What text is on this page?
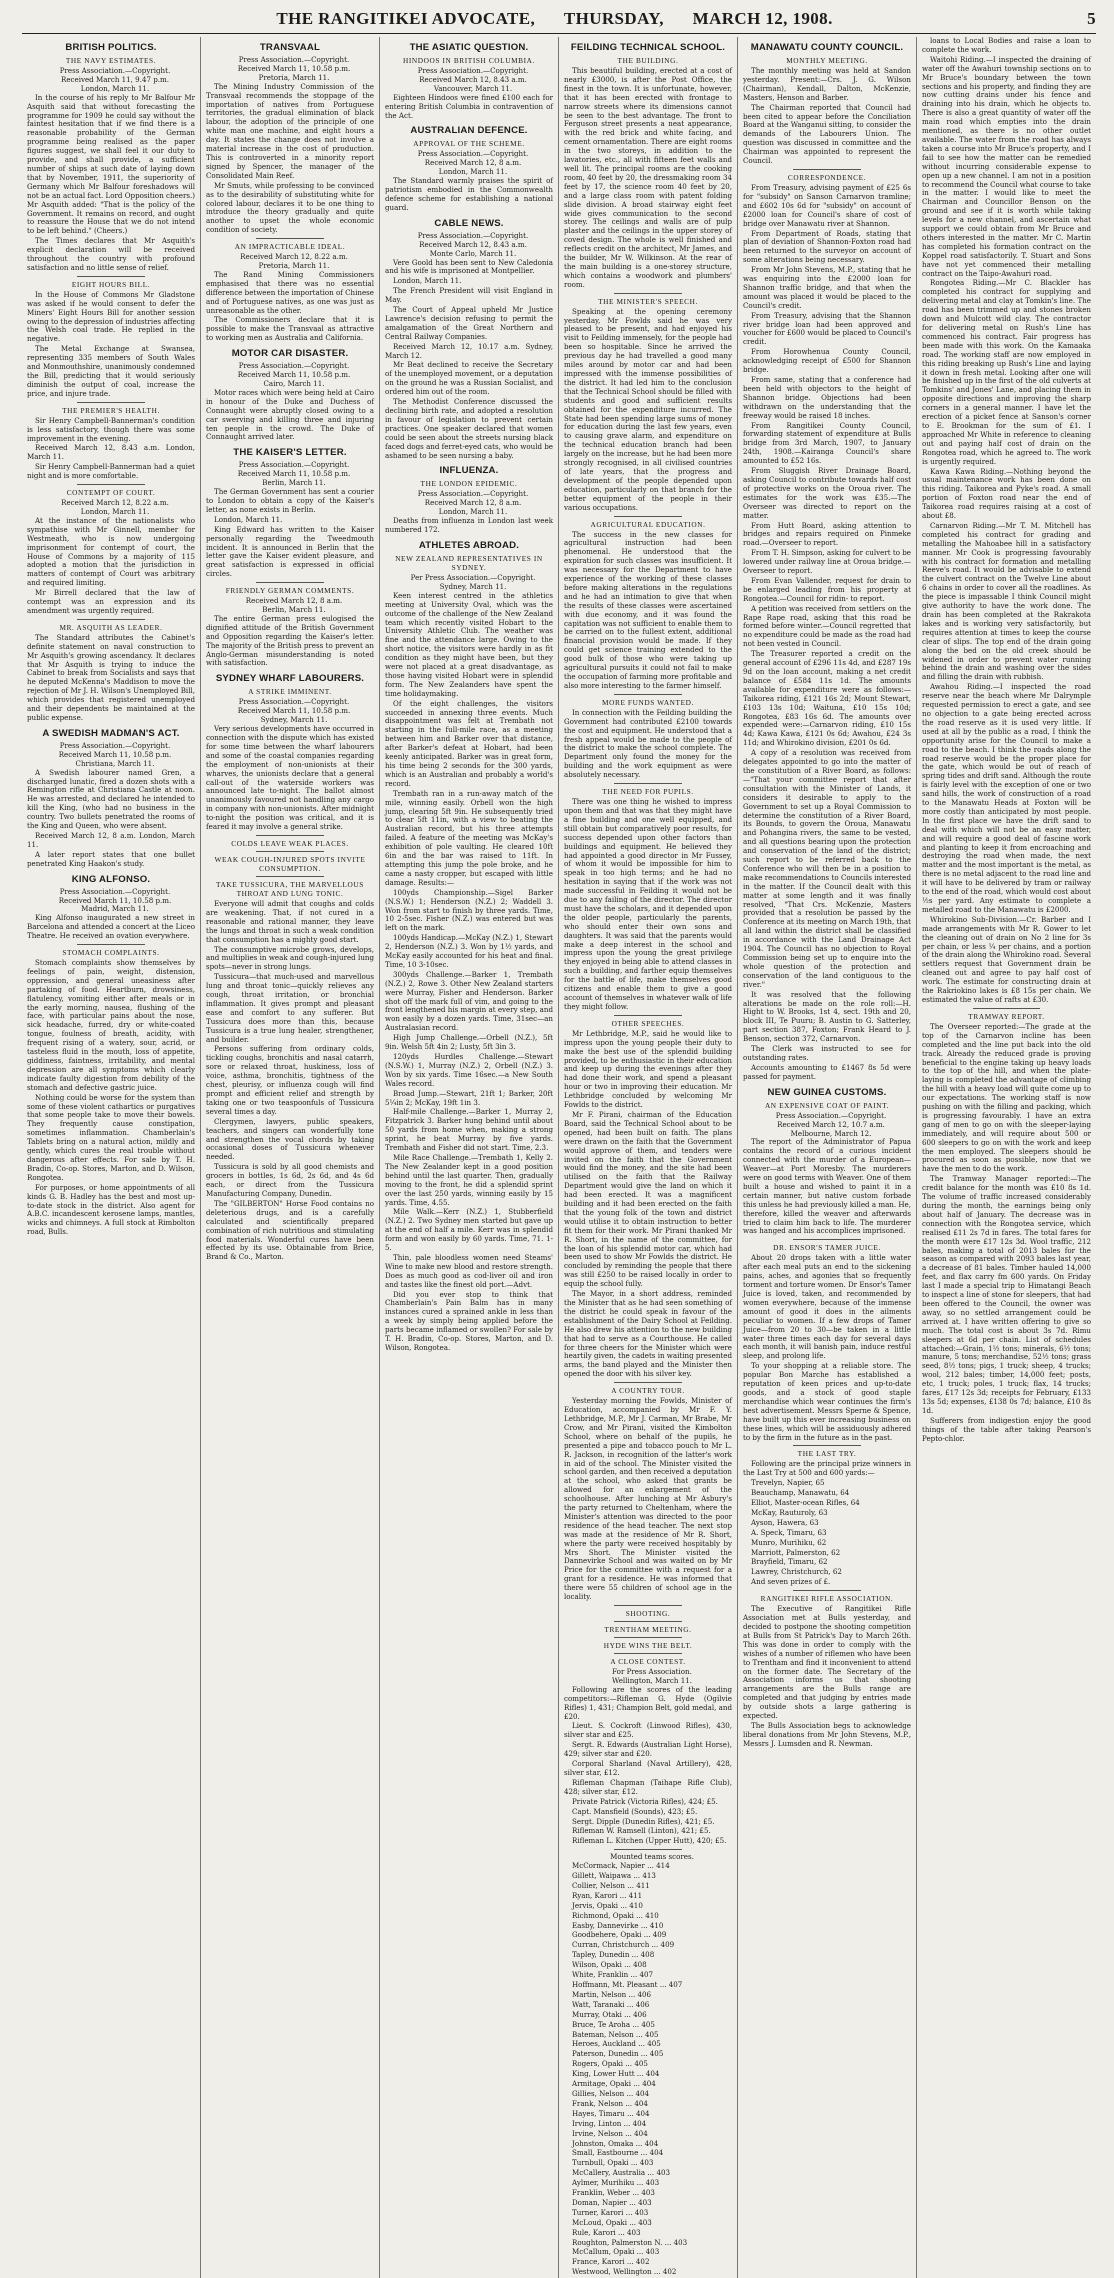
THE RANGITIKEI ADVOCATE, THURSDAY, MARCH 12, 1908.	5
BRITISH POLITICS.
THE NAVY ESTIMATES.

Press Association.—Copyright.

Received March 11, 9.47 p.m.

London, March 11.

In the course of his reply to Mr Balfour Mr Asquith said that without forecasting the programme for 1909 he could say without the faintest hesitation that if we find there is a reasonable probability of the German programme being realised as the paper figures suggest, we shall feel it our duty to provide, and shall provide, a sufficient number of ships at such date of laying down that by November, 1911, the superiority of Germany which Mr Balfour foreshadows will not be an actual fact. Lord Opposition cheers.) Mr Asquith added: "That is the policy of the Government. It remains on record, and ought to reassure the House that we do not intend to be left behind." (Cheers.)

The Times declares that Mr Asquith's explicit declaration will be received throughout the country with profound satisfaction and no little sense of relief.

EIGHT HOURS BILL.

In the House of Commons Mr Gladstone was asked if he would consent to defer the Miners' Eight Hours Bill for another session owing to the depression of industries affecting the Welsh coal trade. He replied in the negative.

The Metal Exchange at Swansea, representing 335 members of South Wales and Monmouthshire, unanimously condemned the Bill, predicting that it would seriously diminish the output of coal, increase the price, and injure trade.

THE PREMIER'S HEALTH.

Sir Henry Campbell-Bannerman's condition is less satisfactory, though there was some improvement in the evening.

Received March 12, 8.43 a.m. London, March 11.

Sir Henry Campbell-Bannerman had a quiet night and is more comfortable.

CONTEMPT OF COURT.

Received March 12, 8.22 a.m.

London, March 11.

At the instance of the nationalists who sympathise with Mr Ginnell, member for Westmeath, who is now undergoing imprisonment for contempt of court, the House of Commons by a majority of 115 adopted a motion that the jurisdiction in matters of contempt of Court was arbitrary and required limiting.

Mr Birrell declared that the law of contempt was an expression and its amendment was urgently required.

MR. ASQUITH AS LEADER.

The Standard attributes the Cabinet's definite statement on naval construction to Mr Asquith's growing ascendancy. It declares that Mr Asquith is trying to induce the Cabinet to break from Socialists and says that he deputed McKenna's Maddison to move the rejection of Mr J. H. Wilson's Unemployed Bill, which provides that registered unemployed and their dependents be maintained at the public expense.

A SWEDISH MADMAN'S ACT.

Press Association.—Copyright.

Received March 11, 10.58 p.m.

Christiana, March 11.

A Swedish labourer named Gren, a discharged lunatic, fired a dozen shots with a Remington rifle at Christiana Castle at noon. He was arrested, and declared he intended to kill the King, (who had no business in the country. Two bullets penetrated the rooms of the King and Queen, who were absent.

Received March 12, 8 a.m. London, March 11.

A later report states that one bullet penetrated King Haakon's study.

KING ALFONSO.

Press Association.—Copyright.

Received March 11, 10.58 p.m.

Madrid, March 11.

King Alfonso inaugurated a new street in Barcelona and attended a concert at the Liceo Theatre. He received an ovation everywhere.

STOMACH COMPLAINTS.

Stomach complaints show themselves by feelings of pain, weight, distension, oppression, and general uneasiness after partaking of food. Heartburn, drowsiness, flatulency, vomiting either after meals or in the early morning, nausea, flushing of the face, with particular pains about the nose, sick headache, furred, dry or white-coated tongue, foulness of breath, acidity, with frequent rising of a watery, sour, acrid, or tasteless fluid in the mouth, loss of appetite, giddiness, faintness, irritability, and mental depression are all symptoms which clearly indicate faulty digestion from debility of the stomach and defective gastric juice.

Nothing could be worse for the system than some of these violent cathartics or purgatives that some people take to move their bowels. They frequently cause constipation, sometimes inflammation. Chamberlain's Tablets bring on a natural action, mildly and gently, which cures the real trouble without dangerous after effects. For sale by T. H. Bradin, Co-op. Stores, Marton, and D. Wilson, Rongotea.

For purposes, or home appointments of all kinds G. B. Hadley has the best and most up-to-date stock in the district. Also agent for A.B.C. incandescent kerosene lamps, mantles, wicks and chimneys. A full stock at Rimbolton road, Bulls.

TRANSVAAL

Press Association.—Copyright.

Received March 11, 10.58 p.m.

Pretoria, March 11.

The Mining Industry Commission of the Transvaal recommends the stoppage of the importation of natives from Portuguese territories, the gradual elimination of black labour, the adoption of the principle of one white man one machine, and eight hours a day. It states the change does not involve a material increase in the cost of production. This is controverted in a minority report signed by Spencer, the manager of the Consolidated Main Reef.

Mr Smuts, while professing to be convinced as to the desirability of substituting white for colored labour, declares it to be one thing to introduce the theory gradually and quite another to upset the whole economic condition of society.

AN IMPRACTICABLE IDEAL.

Received March 12, 8.22 a.m.

Pretoria, March 11.

The Rand Mining Commissioners emphasised that there was no essential difference between the importation of Chinese and of Portuguese natives, as one was just as unreasonable as the other.

The Commissioners declare that it is possible to make the Transvaal as attractive to working men as Australia and California.

MOTOR CAR DISASTER.

Press Association.—Copyright.

Received March 11, 10.58 p.m.

Cairo, March 11.

Motor races which were being held at Cairo in honour of the Duke and Duchess of Connaught were abruptly closed owing to a car swerving and killing three and injuring ten people in the crowd. The Duke of Connaught arrived later.

THE KAISER'S LETTER.

Press Association.—Copyright.

Received March 11, 10.58 p.m.

Berlin, March 11.

The German Government has sent a courier to London to obtain a copy of the Kaiser's letter, as none exists in Berlin.

London, March 11.

King Edward has written to the Kaiser personally regarding the Tweedmouth incident. It is announced in Berlin that the letter gave the Kaiser evident pleasure, and great satisfaction is expressed in official circles.

FRIENDLY GERMAN COMMENTS.

Received March 12, 8 a.m.

Berlin, March 11.

The entire German press eulogised the dignified attitude of the British Government and Opposition regarding the Kaiser's letter. The majority of the British press to prevent an Anglo-German misunderstanding is noted with satisfaction.

SYDNEY WHARF LABOURERS.
A STRIKE IMMINENT.

Press Association.—Copyright.

Received March 11, 10.58 p.m.

Sydney, March 11.

Very serious developments have occurred in connection with the dispute which has existed for some time between the wharf labourers and some of the coastal companies regarding the employment of non-unionists at their wharves, the unionists declare that a general call-out of the waterside workers was announced late to-night. The ballot almost unanimously favoured not handling any cargo in company with non-unionists. After midnight to-night the position was critical, and it is feared it may involve a general strike.

COLDS LEAVE WEAK PLACES.
WEAK COUGH-INJURED SPOTS INVITE CONSUMPTION.
TAKE TUSSICURA, THE MARVELLOUS THROAT AND LUNG TONIC.

Everyone will admit that coughs and colds are weakening. That, if not cured in a reasonable and rational manner, they leave the lungs and throat in such a weak condition that consumption has a mighty good start.

The consumptive microbe grows, develops, and multiplies in weak and cough-injured lung spots—never in strong lungs.

Tussicura—that much-used and marvellous lung and throat tonic—quickly relieves any cough, throat irritation, or bronchial inflammation. It gives prompt and pleasant ease and comfort to any sufferer. But Tussicura does more than this, because Tussicura is a true lung healer, strengthener, and builder.

Persons suffering from ordinary colds, tickling coughs, bronchitis and nasal catarrh, sore or relaxed throat, huskiness, loss of voice, asthma, bronchitis, tightness of the chest, pleurisy, or influenza cough will find prompt and efficient relief and strength by taking one or two teaspoonfuls of Tussicura several times a day.

Clergymen, lawyers, public speakers, teachers, and singers can wonderfully tone and strengthen the vocal chords by taking occasional doses of Tussicura whenever needed.

Tussicura is sold by all good chemists and grocers in bottles, 1s 6d, 2s 6d, and 4s 6d each, or direct from the Tussicura Manufacturing Company, Dunedin.

The "GILBERTON" Horse Food contains no deleterious drugs, and is a carefully calculated and scientifically prepared combination of rich nutritious and stimulating food materials. Wonderful cures have been effected by its use. Obtainable from Brice, Brand & Co., Marton.

THE ASIATIC QUESTION.
HINDOOS IN BRITISH COLUMBIA.

Press Association.—Copyright.

Received March 12, 8.43 a.m.

Vancouver, March 11.

Eighteen Hindoos were fined £100 each for entering British Columbia in contravention of the Act.

AUSTRALIAN DEFENCE.
APPROVAL OF THE SCHEME.

Press Association.—Copyright.

Received March 12, 8 a.m.

London, March 11.

The Standard warmly praises the spirit of patriotism embodied in the Commonwealth defence scheme for establishing a national guard.

CABLE NEWS.

Press Association.—Copyright.

Received March 12, 8.43 a.m.

Monte Carlo, March 11.

Vere Goold has been sent to New Caledonia and his wife is imprisoned at Montpellier.

London, March 11.

The French President will visit England in May.

The Court of Appeal upheld Mr Justice Lawrence's decision refusing to permit the amalgamation of the Great Northern and Central Railway Companies.

Received March 12, 10.17 a.m. Sydney, March 12.

Mr Beat declined to receive the Secretary of the unemployed movement, or a deputation on the ground he was a Russian Socialist, and ordered him out of the room.

The Methodist Conference discussed the declining birth rate, and adopted a resolution in favour of legislation to prevent certain practices. One speaker declared that women could be seen about the streets nursing black faced dogs and ferret-eyed cats, who would be ashamed to be seen nursing a baby.

INFLUENZA.
THE LONDON EPIDEMIC.

Press Association.—Copyright.

Received March 12, 8 a.m.

London, March 11.

Deaths from influenza in London last week numbered 172.

ATHLETES ABROAD.
NEW ZEALAND REPRESENTATIVES IN SYDNEY.

Per Press Association.—Copyright.

Sydney, March 11.

Keen interest centred in the athletics meeting at University Oval, which was the outcome of the challenge of the New Zealand team which recently visited Hobart to the University Athletic Club. The weather was fine and the attendance large. Owing to the short notice, the visitors were hardly in as fit condition as they might have been, but they were not placed at a great disadvantage, as those having visited Hobart were in splendid form. The New Zealanders have spent the time holidaymaking.

Of the eight challenges, the visitors succeeded in annexing three events. Much disappointment was felt at Trembath not starting in the full-mile race, as a meeting between him and Barker over that distance, after Barker's defeat at Hobart, had been keenly anticipated. Barker was in great form, his time being 2 seconds for the 300 yards, which is an Australian and probably a world's record.

Trembath ran in a run-away match of the mile, winning easily. Orbell won the high jump, clearing 5ft 9in. He subsequently tried to clear 5ft 11in, with a view to beating the Australian record, but his three attempts failed. A feature of the meeting was McKay's exhibition of pole vaulting. He cleared 10ft 6in and the bar was raised to 11ft. In attempting this jump the pole broke, and he came a nasty cropper, but escaped with little damage. Results:—

100yds Championship.—Sigel Barker (N.S.W.) 1; Henderson (N.Z.) 2; Waddell 3. Won from start to finish by three yards. Time, 10 2-5sec. Fisher (N.Z.) was entered but was left on the mark.

100yds Handicap.—McKay (N.Z.) 1, Stewart 2, Henderson (N.Z.) 3. Won by 1½ yards, and McKay easily accounted for his heat and final. Time, 10 3-10sec.

300yds Challenge.—Barker 1, Trembath (N.Z.) 2, Rowe 3. Other New Zealand starters were Murray, Fisher and Henderson. Barker shot off the mark full of vim, and going to the front lengthened his margin at every step, and won easily by a dozen yards. Time, 31sec—an Australasian record.

High Jump Challenge.—Orbell (N.Z.), 5ft 9in. Welsh 5ft 4in 2; Lusty, 5ft 3in 3.

120yds Hurdles Challenge.—Stewart (N.S.W.) 1, Murray (N.Z.) 2, Orbell (N.Z.) 3. Won by six yards. Time 16sec.—a New South Wales record.

Broad Jump.—Stewart, 21ft 1; Barker, 20ft 5¼in 2; McKay, 19ft 1in 3.

Half-mile Challenge.—Barker 1, Murray 2, Fitzpatrick 3. Barker hung behind until about 50 yards from home when, making a strong sprint, he beat Murray by five yards. Trembath and Fisher did not start. Time, 2.3.

Mile Race Challenge.—Trembath 1, Kelly 2. The New Zealander kept in a good position behind until the last quarter. Then, gradually moving to the front, he did a splendid sprint over the last 250 yards, winning easily by 15 yards. Time, 4.55.

Mile Walk.—Kerr (N.Z.) 1, Stubberfield (N.Z.) 2. Two Sydney men started but gave up at the end of half a mile. Kerr was in splendid form and won easily by 60 yards. Time, 71. 1-5.

Thin, pale bloodless women need Steams' Wine to make new blood and restore strength. Does as much good as cod-liver oil and iron and tastes like the finest old port.—Advt.

Did you ever stop to think that Chamberlain's Pain Balm has in many instances cured a sprained ankle in less than a week by simply being applied before the parts became inflamed or swollen? For sale by T. H. Bradin, Co-op. Stores, Marton, and D. Wilson, Rongotea.

FEILDING TECHNICAL SCHOOL.
THE BUILDING.

This beautiful building, erected at a cost of nearly £3000, is after the Post Office, the finest in the town. It is unfortunate, however, that it has been erected with frontage to narrow streets where its dimensions cannot be seen to the best advantage. The front to Ferguson street presents a neat appearance, with the red brick and white facing, and cement ornamentation. There are eight rooms in the two storeys, in addition to the lavatories, etc., all with fifteen feet walls and well lit. The principal rooms are the cooking room, 40 feet by 20, the dressmaking room 34 feet by 17, the science room 40 feet by 20, and a large class room with patent folding slide division. A broad stairway eight feet wide gives communication to the second storey. The ceilings and walls are of pulp plaster and the ceilings in the upper storey of coved design. The whole is well finished and reflects credit on the architect, Mr James, and the builder, Mr W. Wilkinson. At the rear of the main building is a one-storey structure, which contains a woodwork and plumbers' room.

THE MINISTER'S SPEECH.

Speaking at the opening ceremony yesterday, Mr Fowlds said he was very pleased to be present, and had enjoyed his visit to Feilding immensely, for the people had been so hospitable. Since he arrived the previous day he had travelled a good many miles around by motor car and had been impressed with the immense possibilities of the district. It had led him to the conclusion that the Technical School should be filled with students and good and sufficient results obtained for the expenditure incurred. The State had been spending large sums of money for education during the last few years, even to causing grave alarm, and expenditure on the technical education branch had been largely on the increase, but he had been more strongly recognised, in all civilised countries of late years, that the progress and development of the people depended upon education, particularly on that branch for the better equipment of the people in their various occupations.

AGRICULTURAL EDUCATION.

The success in the new classes for agricultural instruction had been phenomenal. He understood that the expiration for such classes was insufficient. It was necessary for the Department to have experience of the working of these classes before making alterations in the regulations and he had an intimation to give that when the results of these classes were ascertained with due economy, and it was found the capitation was not sufficient to enable them to be carried on to the fullest extent, additional financial provision would be made. If they could get science training extended to the good bulk of those who were taking up agricultural pursuits it could not fail to make the occupation of farming more profitable and also more interesting to the farmer himself.

MORE FUNDS WANTED.

In connection with the Feilding building the Government had contributed £2100 towards the cost and equipment. He understood that a fresh appeal would be made to the people of the district to make the school complete. The Department only found the money for the building and the work equipment as were absolutely necessary.

THE NEED FOR PUPILS.

There was one thing he wished to impress upon them and that was that they might have a fine building and one well equipped, and still obtain but comparatively poor results, for success depended upon other factors than buildings and equipment. He believed they had appointed a good director in Mr Fussey, of whom it would be impossible for him to speak in too high terms; and he had no hesitation in saying that if the work was not made successful in Feilding it would not be due to any failing of the director. The director must have the scholars, and it depended upon the older people, particularly the parents, who should enter their own sons and daughters. It was said that the parents would make a deep interest in the school and impress upon the young the great privilege they enjoyed in being able to attend classes in such a building, and farther equip themselves for the battle of life, make themselves good citizens and enable them to give a good account of themselves in whatever walk of life they might follow.

OTHER SPEECHES.

Mr Lethbridge, M.P., said he would like to impress upon the young people their duty to make the best use of the splendid building provided, to be enthusiastic in their education and keep up during the evenings after they had done their work, and spend a pleasant hour or two in improving their education. Mr Lethbridge concluded by welcoming Mr Fowlds to the district.

Mr F. Pirani, chairman of the Education Board, said the Technical School about to be opened, had been built on faith. The plans were drawn on the faith that the Government would approve of them, and tenders were invited on the faith that the Government would find the money, and the site had been utilised on the faith that the Railway Department would give the land on which it had been erected. It was a magnificent building and it had been erected on the faith that the young folk of the town and district would utilise it to obtain instruction to better fit them for their work. Mr Pirani thanked Mr R. Short, in the name of the committee, for the loan of his splendid motor car, which had been used to show Mr Fowlds the district. He concluded by reminding the people that there was still £250 to be raised locally in order to equip the school fully.

The Mayor, in a short address, reminded the Minister that as he had seen something of the district he could speak in favour of the establishment of the Dairy School at Feilding. He also drew his attention to the new building that had to serve as a Courthouse. He called for three cheers for the Minister which were heartily given, the cadets in waiting presented arms, the band played and the Minister then opened the door with his silver key.

A COUNTRY TOUR.

Yesterday morning the Fowlds, Minister of Education, accompanied by Mr F. Y. Lethbridge, M.P., Mr J. Carman, Mr Brabe, Mr Crow, and Mr Pirani, visited the Kimbolton School, where on behalf of the pupils, he presented a pipe and tobacco pouch to Mr L. R. Jackson, in recognition of the latter's work in aid of the school. The Minister visited the school garden, and then received a deputation at the school, who asked that grants be allowed for an enlargement of the schoolhouse. After lunching at Mr Asbury's the party returned to Cheltenham, where the Minister's attention was directed to the poor residence of the head teacher. The next stop was made at the residence of Mr R. Short, where the party were received hospitably by Mrs Short. The Minister visited the Dannevirke School and was waited on by Mr Price for the committee with a request for a grant for a residence. He was informed that there were 55 children of school age in the locality.

SHOOTING.
TRENTHAM MEETING.
HYDE WINS THE BELT.
A CLOSE CONTEST.

For Press Association.

Wellington, March 11.

Following are the scores of the leading competitors:—Rifleman G. Hyde (Ogilvie Rifles) 1, 431; Champion Belt, gold medal, and £20.

Lieut. S. Cockroft (Linwood Rifles), 430, silver star and £25.

Sergt. R. Edwards (Australian Light Horse), 429; silver star and £20.

Corporal Sharland (Naval Artillery), 428, silver star, £12.

Rifleman Chapman (Taihape Rifle Club), 428; silver star, £12.

Private Patrick (Victoria Rifles), 424; £5.

Capt. Mansfield (Sounds), 423; £5.

Sergt. Dipple (Dunedin Rifles), 421; £5.

Rifleman W. Ramsell (Linton), 421; £5.

Rifleman L. Kitchen (Upper Hutt), 420; £5.

Mounted teams scores.

McCormack, Napier ... 414

Gillett, Waipawa ... 413

Collier, Nelson ... 411

Ryan, Karori ... 411

Jervis, Opaki ... 410

Richmond, Opaki ... 410

Easby, Dannevirke ... 410

Goodbehere, Opaki ... 409

Curran, Christchurch ... 409

Tapley, Dunedin ... 408

Wilson, Opaki ... 408

White, Franklin ... 407

Hoffmann, Mt. Pleasant ... 407

Martin, Nelson ... 406

Watt, Taranaki ... 406

Murray, Otaki ... 406

Bruce, Te Aroha ... 405

Bateman, Nelson ... 405

Heroes, Auckland ... 405

Paterson, Dunedin ... 405

Rogers, Opaki ... 405

King, Lower Hutt ... 404

Armitage, Opaki ... 404

Gillies, Nelson ... 404

Frank, Nelson ... 404

Hayes, Timaru ... 404

Irving, Linton ... 404

Irvine, Nelson ... 404

Johnston, Omaka ... 404

Small, Eastbourne ... 404

Turnbull, Opaki ... 403

McCallery, Australia ... 403

Aylmer, Murihiku ... 403

Franklin, Weber ... 403

Doman, Napier ... 403

Turner, Karori ... 403

McLoud, Opaki ... 403

Rule, Karori ... 403

Roughton, Palmerston N. ... 403

McCallum, Opaki ... 403

France, Karori ... 402

Westwood, Wellington ... 402

MANAWATU COUNTY COUNCIL.
MONTHLY MEETING.

The monthly meeting was held at Sandon yesterday. Present:—Crs. J. G. Wilson (Chairman), Kendall, Dalton, McKenzie, Masters, Henson and Barber.

The Chairman reported that Council had been cited to appear before the Conciliation Board at the Wanganui sitting, to consider the demands of the Labourers Union. The question was discussed in committee and the Chairman was appointed to represent the Council.

CORRESPONDENCE.

From Treasury, advising payment of £25 6s for "subsidy" on Sanson Carnarvon tramline; and £602 10s 6d for "subsidy" on account of £2000 loan for Council's share of cost of bridge over Manawatu river at Shannon.

From Department of Roads, stating that plan of deviation of Shannon-Foxton road had been returned to the surveyor on account of some alterations being necessary.

From Mr John Stevens, M.P., stating that he was enquiring into the £2000 loan for Shannon traffic bridge, and that when the amount was placed it would be placed to the Council's credit.

From Treasury, advising that the Shannon river bridge loan had been approved and voucher for £600 would be placed to Council's credit.

From Horowhenua County Council, acknowledging receipt of £500 for Shannon bridge.

From same, stating that a conference had been held with objectors to the height of Shannon bridge. Objections had been withdrawn on the understanding that the freeway would be raised 18 inches.

From Rangitikei County Council, forwarding statement of expenditure at Bulls bridge from 3rd March, 1907, to January 24th, 1908.—Kairanga Council's share amounted to £52 16s.

From Sluggish River Drainage Board, asking Council to contribute towards half cost of protective works on the Oroua river. The estimates for the work was £35.—The Overseer was directed to report on the matter.

From Hutt Board, asking attention to bridges and repairs required on Pinmeke road.—Overseer to report.

From T. H. Simpson, asking for culvert to be lowered under railway line at Oroua bridge.—Overseer to report.

From Evan Vallender, request for drain to be enlarged leading from his property at Rongotea.—Council for ridin- to report.

A petition was received from settlers on the Rape Rape road, asking that this road be formed before winter.—Council regretted that no expenditure could be made as the road had not been vested in Council.

The Treasurer reported a credit on the general account of £296 11s 4d, and £287 19s 9d on the loan account, making a net credit balance of £584 11s 1d. The amounts available for expenditure were as follows:—Taikorea riding, £121 16s 2d; Mount Stewart, £103 13s 10d; Waituna, £10 15s 10d; Rongotea, £83 16s 6d. The amounts over expended were:—Carnarvon riding, £10 15s 4d; Kawa Kawa, £121 0s 6d; Awahou, £24 3s 11d; and Whirokino division, £201 0s 6d.

A copy of a resolution was received from delegates appointed to go into the matter of the constitution of a River Board, as follows:—"That your committee report that after consultation with the Minister of Lands, it considers it desirable to apply to the Government to set up a Royal Commission to determine the constitution of a River Board, its Bounds, to govern the Oroua, Manawatu and Pohangina rivers, the same to be vested, and all questions bearing upon the protection and conservation of the land of the district; such report to be referred back to the Conference who will then be in a position to make recommendations to Councils interested in the matter. If the Council dealt with this matter at some length and it was finally resolved, "That Crs. McKenzie, Masters provided that a resolution be passed by the Conference at its meeting on March 19th, that all land within the district shall be classified in accordance with the Land Drainage Act 1904. The Council has no objection to Royal Commission being set up to enquire into the whole question of the protection and conservation of the land contiguous to the river."

It was resolved that the following alterations be made on the role roll:—H. Hight to W. Brooks, 1st 4, sect. 19th and 20, block III, Te Puuru; B. Austin to G. Satterley, part section 387, Foxton; Frank Heard to J. Benson, section 372, Carnarvon.

The Clerk was instructed to see for outstanding rates.

Accounts amounting to £1467 8s 5d were passed for payment.

NEW GUINEA CUSTOMS.
AN EXPENSIVE COAT OF PAINT.

Press Association.—Copyright.

Received March 12, 10.7 a.m.

Melbourne, March 12.

The report of the Administrator of Papua contains the record of a curious incident connected with the murder of a European—Weaver—at Port Moresby. The murderers were on good terms with Weaver. One of them built a house and wished to paint it in a certain manner, but native custom forbade this unless he had previously killed a man. He, therefore, killed the weaver and afterwards tried to claim him back to life. The murderer was hanged and his accomplices imprisoned.

DR. ENSOR'S TAMER JUICE.

About 20 drops taken with a little water after each meal puts an end to the sickening pains, aches, and agonies that so frequently torment and torture women. Dr Ensor's Tamer Juice is loved, taken, and recommended by women everywhere, because of the immense amount of good it does in the ailments peculiar to women. If a few drops of Tamer Juice—from 20 to 30—be taken in a little water three times each day for several days each month, it will banish pain, induce restful sleep, and prolong life.

To your shopping at a reliable store. The popular Bon Marche has established a reputation of keen prices and up-to-date goods, and a stock of good staple merchandise which wear continues the firm's best advertisement. Messrs Sperne & Spence, have built up this ever increasing business on these lines, which will be assiduously adhered to by the firm in the future as in the past.

THE LAST TRY.

Following are the principal prize winners in the Last Try at 500 and 600 yards:—

Trevelyn, Napier, 65

Beauchamp, Manawatu, 64

Elliot, Master-ocean Rifles, 64

McKay, Rauturoly, 63

Ayson, Hawera, 63

A. Speck, Timaru, 63

Munro, Murihiku, 62

Marriott, Palmerston, 62

Brayfield, Timaru, 62

Lawrey, Christchurch, 62

And seven prizes of £.

RANGITIKEI RIFLE ASSOCIATION.

The Executive of Rangitikei Rifle Association met at Bulls yesterday, and decided to postpone the shooting competition at Bulls from St Patrick's Day to March 26th. This was done in order to comply with the wishes of a number of riflemen who have been to Trentham and find it inconvenient to attend on the former date. The Secretary of the Association informs us that shooting arrangements are the Bulls range are completed and that judging by entries made by outside shots a large gathering is expected.

The Bulls Association begs to acknowledge liberal donations from Mr John Stevens, M.P., Messrs J. Lumsden and R. Newman.

loans to Local Bodies and raise a loan to complete the work.

Waitohi Riding.—I inspected the draining of water off the Awahuri township sections on to Mr Bruce's boundary between the town sections and his property, and finding they are now cutting drains under his fence and draining into his drain, which he objects to. There is also a great quantity of water off the main road which empties into the drain mentioned, as there is no other outlet available. The water from the road has always taken a course into Mr Bruce's property, and I fail to see how the matter can be remedied without incurring considerable expense to open up a new channel. I am not in a position to recommend the Council what course to take in the matter. I would like to meet the Chairman and Councillor Benson on the ground and see if it is worth while taking levels for a new channel, and ascertain what support we could obtain from Mr Bruce and others interested in the matter. Mr C. Martin has completed his formation contract on the Koppel road satisfactorily. T. Stuart and Sons have not yet commenced their metalling contract on the Taipo-Awahuri road.

Rongotea Riding.—Mr C. Blackler has completed his contract for supplying and delivering metal and clay at Tomkin's line. The road has been trimmed up and stones broken down and Mulcott wild clay. The contractor for delivering metal on Rush's Line has commenced his contract. Fair progress has been made with this work. On the Kamaaka road. The working staff are now employed in this riding breaking up Rush's Line and laying it down in fresh metal. Looking after one will be finished up in the first of the old culverts at Tomkins' and Jones' Lane, and placing them in opposite directions and improving the sharp corners in a general manner. I have let the erection of a picket fence at Sanson's corner to E. Brookman for the sum of £1. I approached Mr White in reference to cleaning out and paying half cost of drain on the Rongotea road, which he agreed to. The work is urgently required.

Kawa Kawa Riding.—Nothing beyond the usual maintenance work has been done on this riding. Taikorea and Pyke's road. A small portion of Foxton road near the end of Taikorea road requires raising at a cost of about £8.

Carnarvon Riding.—Mr T. M. Mitchell has completed his contract for grading and metalling the Mahoabee hill in a satisfactory manner. Mr Cook is progressing favourably with his contract for formation and metalling Reeve's road. It would be advisable to extend the culvert contract on the Twelve Line about 6 chains in order to cover all the roadlines. As the piece is impassable I think Council might give authority to have the work done. The drain has been completed at the Rakrakota lakes and is working very satisfactorily, but requires attention at times to keep the course clear of slips. The top end of the drain going along the bed on the old creek should be widened in order to prevent water running behind the drain and washing over the sides and filling the drain with rubbish.

Awahou Riding.—I inspected the road reserve near the beach where Mr Dalrymple requested permission to erect a gate, and see no objection to a gate being erected across the road reserve as it is used very little. If used at all by the public as a road, I think the opportunity arise for the Council to make a road to the beach. I think the roads along the road reserve would be the proper place for the gate, which would be out of reach of spring tides and drift sand. Although the route is fairly level with the exception of one or two sand hills, the work of construction of a road to the Manawatu Heads at Foxton will be more costly than anticipated by most people. In the first place we have the drift sand to deal with which will not be an easy matter, and will require a good deal of fascine work and planting to keep it from encroaching and destroying the road when made, the next matter and the most important is the metal, as there is no metal adjacent to the road line and it will have to be delivered by tram or railway to the end of the road, which would cost about ½s per yard. Any estimate to complete a metalled road to the Manawatu is £2000.

Whirokino Sub-Division.—Cr. Barber and I made arrangements with Mr R. Gower to let the cleaning out of drain on No 2 line for 3s per chain, or less ¼ per chains, and a portion of the drain along the Whirokino road. Several settlers request that Government drain be cleaned out and agree to pay half cost of work. The estimate for constructing drain at the Rakriokino lakes is £8 15s per chain. We estimated the value of rafts at £30.

TRAMWAY REPORT.

The Overseer reported:—The grade at the top of the Carnarvon incline has been completed and the line put back into the old track. Already the reduced grade is proving beneficial to the engine taking up heavy loads to the top of the hill, and when the plate-laying is completed the advantage of climbing the hill with a heavy load will quite come up to our expectations. The working staff is now pushing on with the filling and packing, which is progressing favourably. I have an extra gang of men to go on with the sleeper-laying immediately, and will require about 500 or 600 sleepers to go on with the work and keep the men employed. The sleepers should be procured as soon as possible, now that we have the men to do the work.

The Tramway Manager reported:—The credit balance for the month was £10 8s 1d. The volume of traffic increased considerably during the month, the earnings being only about half of January. The decrease was in connection with the Rongotea service, which realised £11 2s 7d in fares. The total fares for the month were £17 12s 3d. Wool traffic, 212 bales, making a total of 2013 bales for the season as compared with 2093 bales last year, a decrease of 81 bales. Timber hauled 14,000 feet, and flax carry fm 600 yards. On Friday last I made a special trip to Himatangi Beach to inspect a line of stone for sleepers, that had been offered to the Council, the owner was away, so no settled arrangement could be arrived at. I have written offering to give so much. The total cost is about 3s 7d. Rimu sleepers at 6d per chain. List of schedules attached:—Grain, 1½ tons; minerals, 6½ tons; manure, 5 tons; merchandise, 52½ tons; grass seed, 8½ tons; pigs, 1 truck; sheep, 4 trucks; wool, 212 bales; timber, 14,000 feet; posts, etc, 1 truck; poles, 1 truck; flax, 14 trucks; fares, £17 12s 3d; receipts for February, £133 13s 5d; expenses, £138 0s 7d; balance, £10 8s 1d.

Sufferers from indigestion enjoy the good things of the table after taking Pearson's Pepto-chlor.
